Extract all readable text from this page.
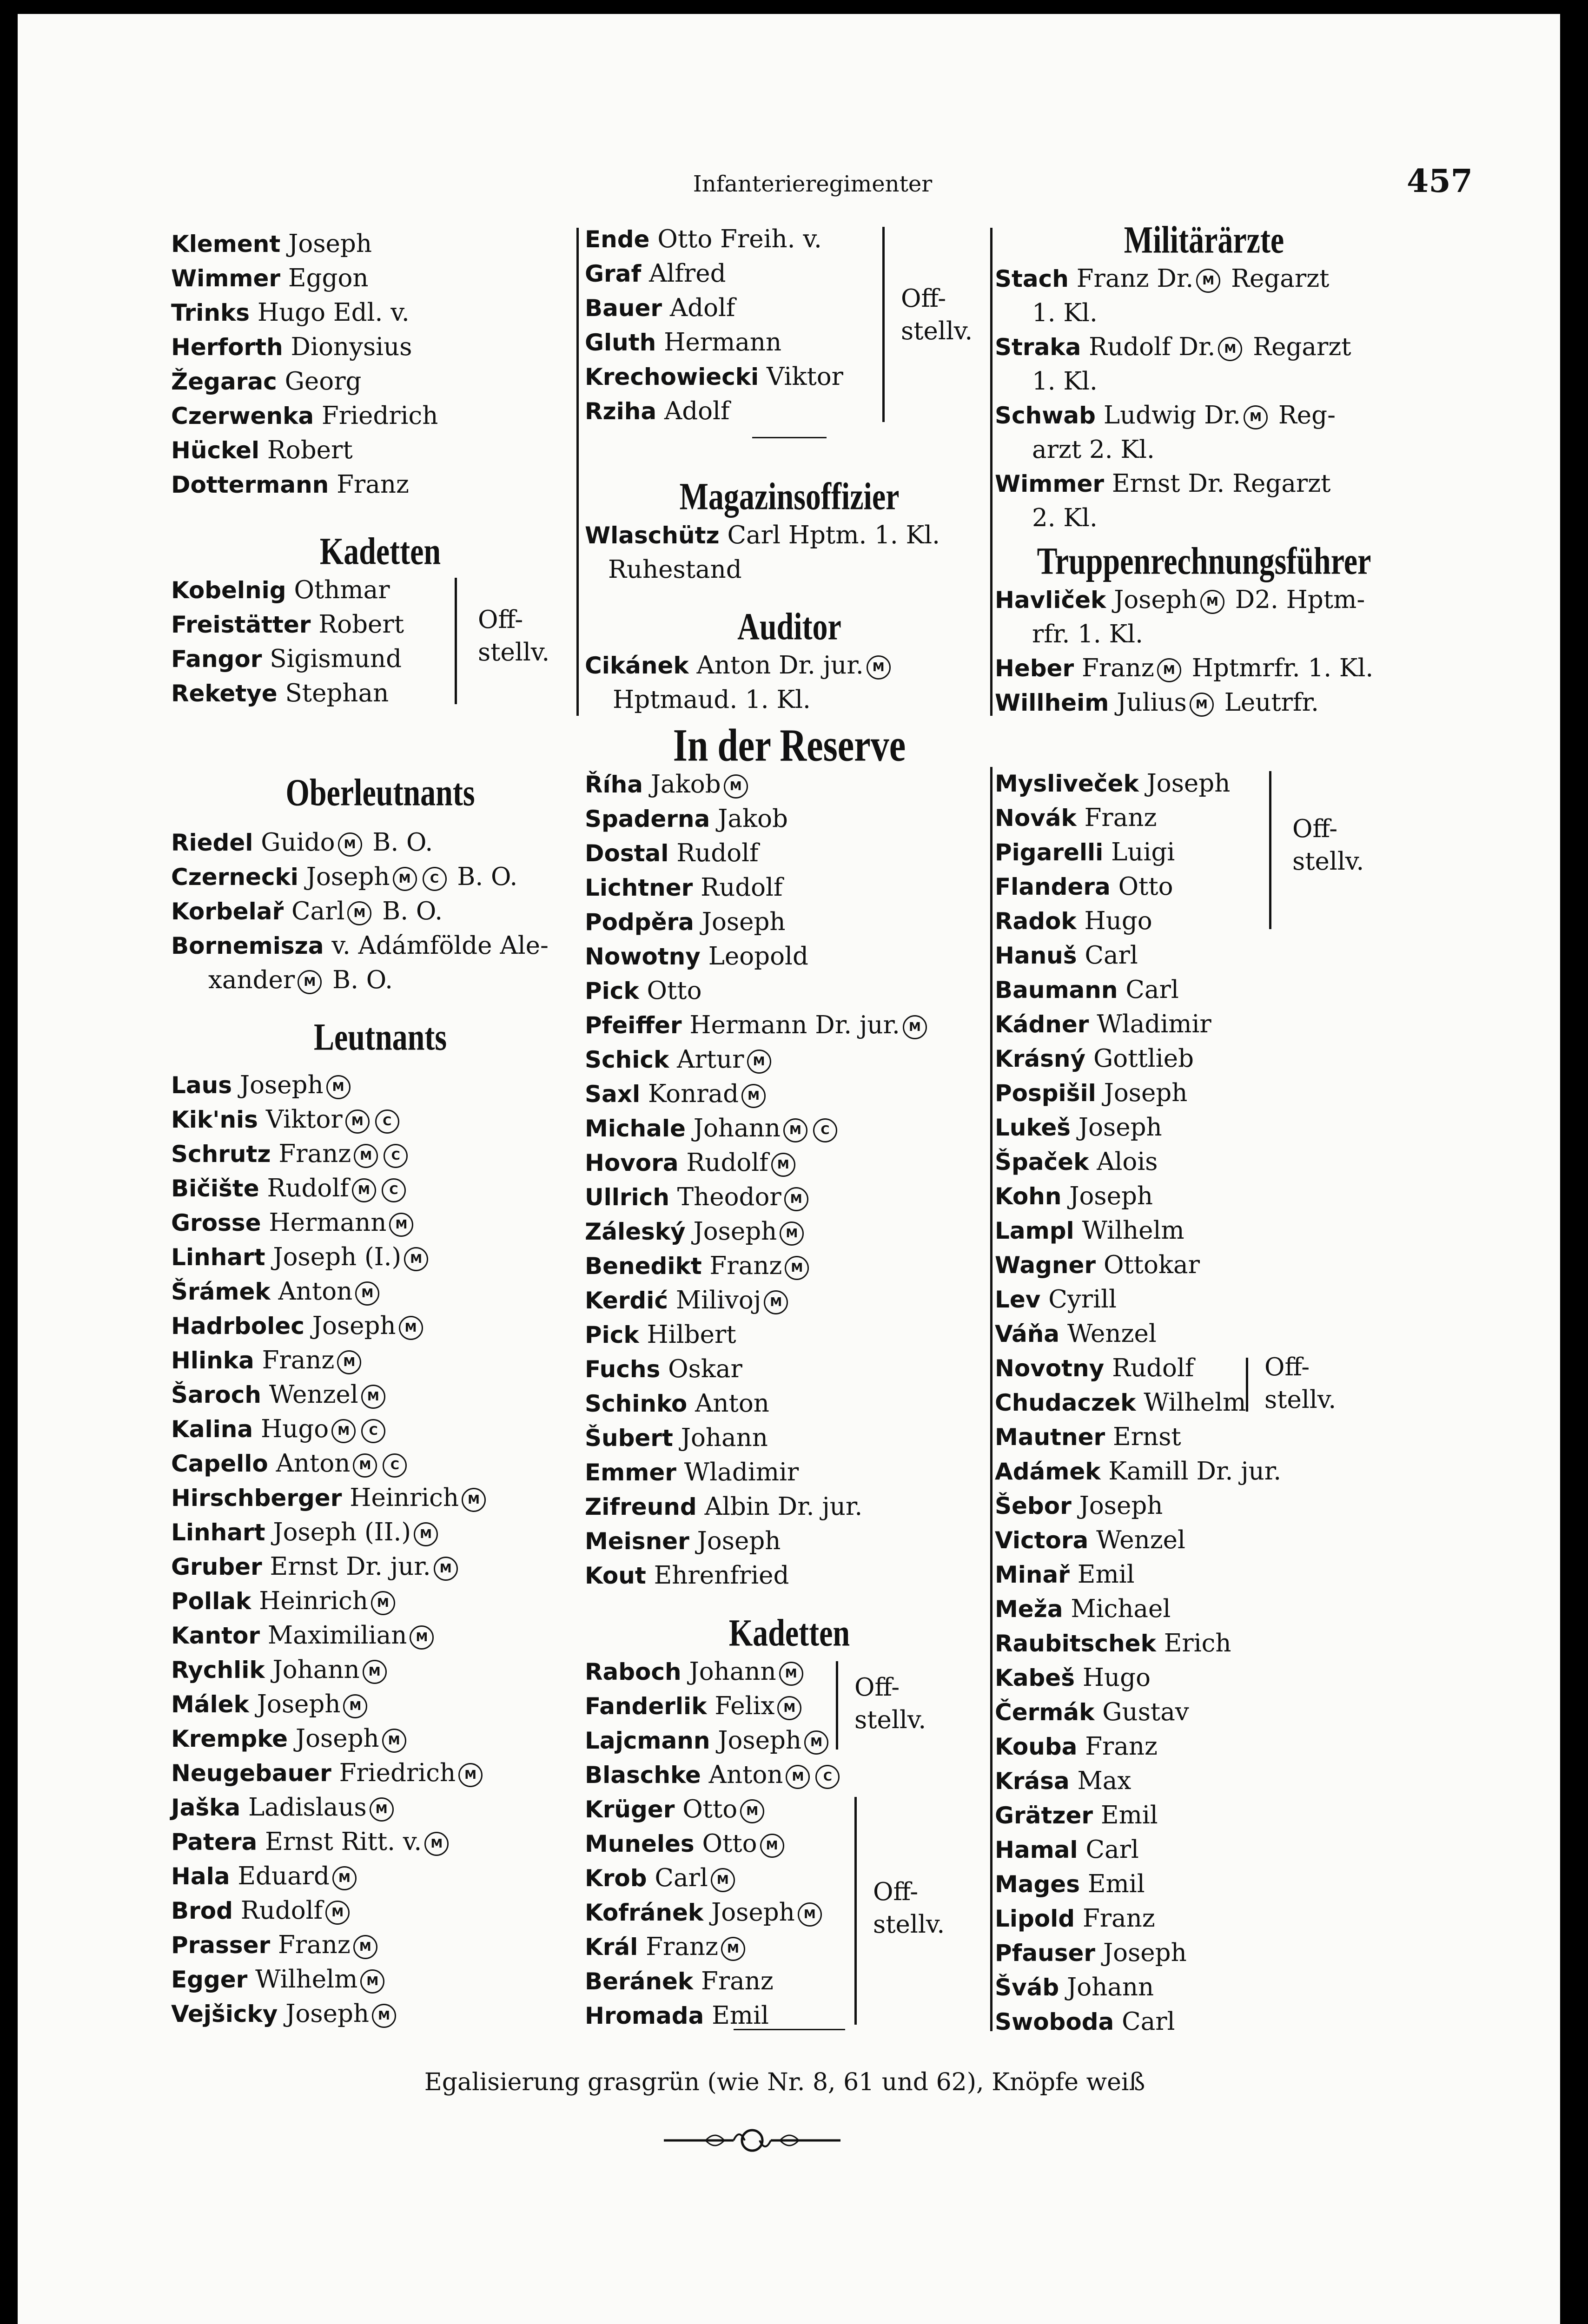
Infanterieregimenter	457
Klement Joseph
Wimmer Eggon
Trinks Hugo Edl. v.
Herforth Dionysius
Žegarac Georg
Czerwenka Friedrich
Hückel Robert
Dottermann Franz
Kadetten
Kobelnig Othmar
Freistätter Robert
Fangor Sigismund
Reketye Stephan
Off-stellv.
Oberleutnants
Riedel Guido M B. O.
Czernecki Joseph M C B. O.
Korbelař Carl M B. O.
Bornemisza v. Adámfölde Ale-
xander M B. O.
Leutnants
Laus Joseph M
Kik'nis Viktor M C
Schrutz Franz M C
Bičište Rudolf M C
Grosse Hermann M
Linhart Joseph (I.) M
Šrámek Anton M
Hadrbolec Joseph M
Hlinka Franz M
Šaroch Wenzel M
Kalina Hugo M C
Capello Anton M C
Hirschberger Heinrich M
Linhart Joseph (II.) M
Gruber Ernst Dr. jur. M
Pollak Heinrich M
Kantor Maximilian M
Rychlik Johann M
Málek Joseph M
Krempke Joseph M
Neugebauer Friedrich M
Jaška Ladislaus M
Patera Ernst Ritt. v. M
Hala Eduard M
Brod Rudolf M
Prasser Franz M
Egger Wilhelm M
Vejšicky Joseph M
Ende Otto Freih. v.
Graf Alfred
Bauer Adolf
Gluth Hermann
Krechowiecki Viktor
Rziha Adolf
Off-stellv.
Magazinsoffizier
Wlaschütz Carl Hptm. 1. Kl.
Ruhestand
Auditor
Cikánek Anton Dr. jur. M
Hptmaud. 1. Kl.
In der Reserve
Říha Jakob M
Spaderna Jakob
Dostal Rudolf
Lichtner Rudolf
Podpěra Joseph
Nowotny Leopold
Pick Otto
Pfeiffer Hermann Dr. jur. M
Schick Artur M
Saxl Konrad M
Michale Johann M C
Hovora Rudolf M
Ullrich Theodor M
Záleský Joseph M
Benedikt Franz M
Kerdić Milivoj M
Pick Hilbert
Fuchs Oskar
Schinko Anton
Šubert Johann
Emmer Wladimir
Zifreund Albin Dr. jur.
Meisner Joseph
Kout Ehrenfried
Kadetten
Raboch Johann M
Fanderlik Felix M
Lajcmann Joseph M
Off-stellv.
Blaschke Anton M C
Krüger Otto M
Muneles Otto M
Krob Carl M
Kofránek Joseph M
Král Franz M
Beránek Franz
Hromada Emil
Off-stellv.
Militärärzte
Stach Franz Dr. M Regarzt
1. Kl.
Straka Rudolf Dr. M Regarzt
1. Kl.
Schwab Ludwig Dr. M Reg-
arzt 2. Kl.
Wimmer Ernst Dr. Regarzt
2. Kl.
Truppenrechnungsführer
Havliček Joseph M D2. Hptm-
rfr. 1. Kl.
Heber Franz M Hptmrfr. 1. Kl.
Willheim Julius M Leutrfr.
Mysliveček Joseph
Novák Franz
Pigarelli Luigi
Flandera Otto
Radok Hugo
Off-stellv.
Hanuš Carl
Baumann Carl
Kádner Wladimir
Krásný Gottlieb
Pospišil Joseph
Lukeš Joseph
Špaček Alois
Kohn Joseph
Lampl Wilhelm
Wagner Ottokar
Lev Cyrill
Váňa Wenzel
Novotny Rudolf
Chudaczek Wilhelm
Off-stellv.
Mautner Ernst
Adámek Kamill Dr. jur.
Šebor Joseph
Victora Wenzel
Minař Emil
Meža Michael
Raubitschek Erich
Kabeš Hugo
Čermák Gustav
Kouba Franz
Krása Max
Grätzer Emil
Hamal Carl
Mages Emil
Lipold Franz
Pfauser Joseph
Šváb Johann
Swoboda Carl
Egalisierung grasgrün (wie Nr. 8, 61 und 62), Knöpfe weiß
